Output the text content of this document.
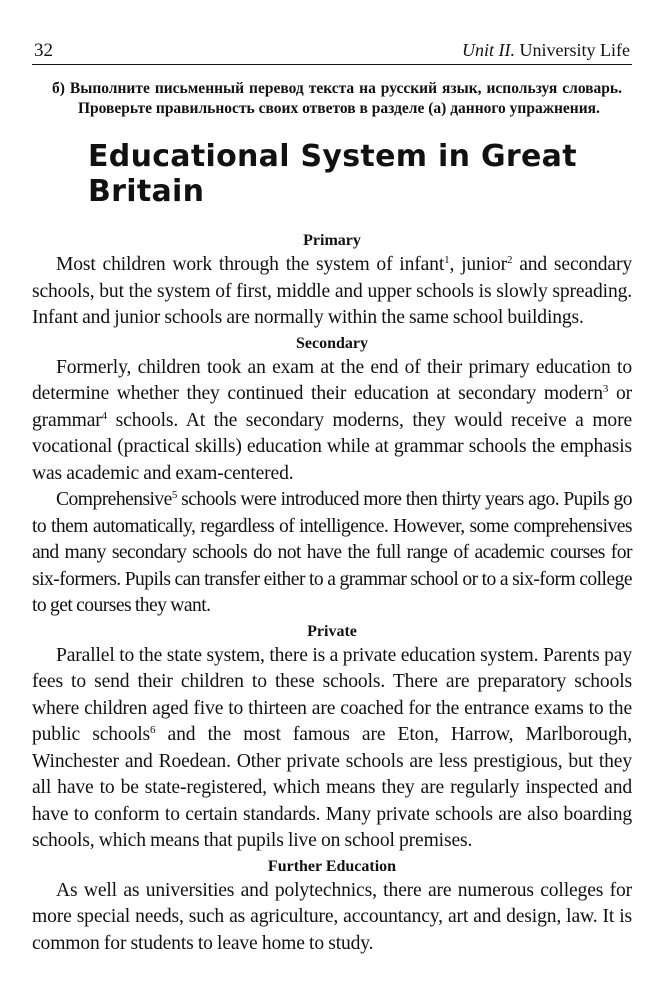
32	Unit II. University Life

б) Выполните письменный перевод текста на русский язык, используя словарь. Проверьте правильность своих ответов в разделе (а) данного упражнения.

Educational System in Great Britain
Primary

Most children work through the system of infant$^1$, junior$^2$ and secondary schools, but the system of first, middle and upper schools is slowly spreading. Infant and junior schools are normally within the same school buildings.

Secondary

Formerly, children took an exam at the end of their primary education to determine whether they continued their education at secondary modern$^3$ or grammar$^4$ schools. At the secondary moderns, they would receive a more vocational (practical skills) education while at grammar schools the emphasis was academic and exam-centered.

Comprehensive$^5$ schools were introduced more then thirty years ago. Pupils go to them automatically, regardless of intelligence. However, some comprehensives and many secondary schools do not have the full range of academic courses for six-formers. Pupils can transfer either to a grammar school or to a six-form college to get courses they want.

Private

Parallel to the state system, there is a private education system. Parents pay fees to send their children to these schools. There are preparatory schools where children aged five to thirteen are coached for the entrance exams to the public schools$^6$ and the most famous are Eton, Harrow, Marlborough, Winchester and Roedean. Other private schools are less prestigious, but they all have to be state-registered, which means they are regularly inspected and have to conform to certain standards. Many private schools are also boarding schools, which means that pupils live on school premises.

Further Education

As well as universities and polytechnics, there are numerous colleges for more special needs, such as agriculture, accountancy, art and design, law. It is common for students to leave home to study.
